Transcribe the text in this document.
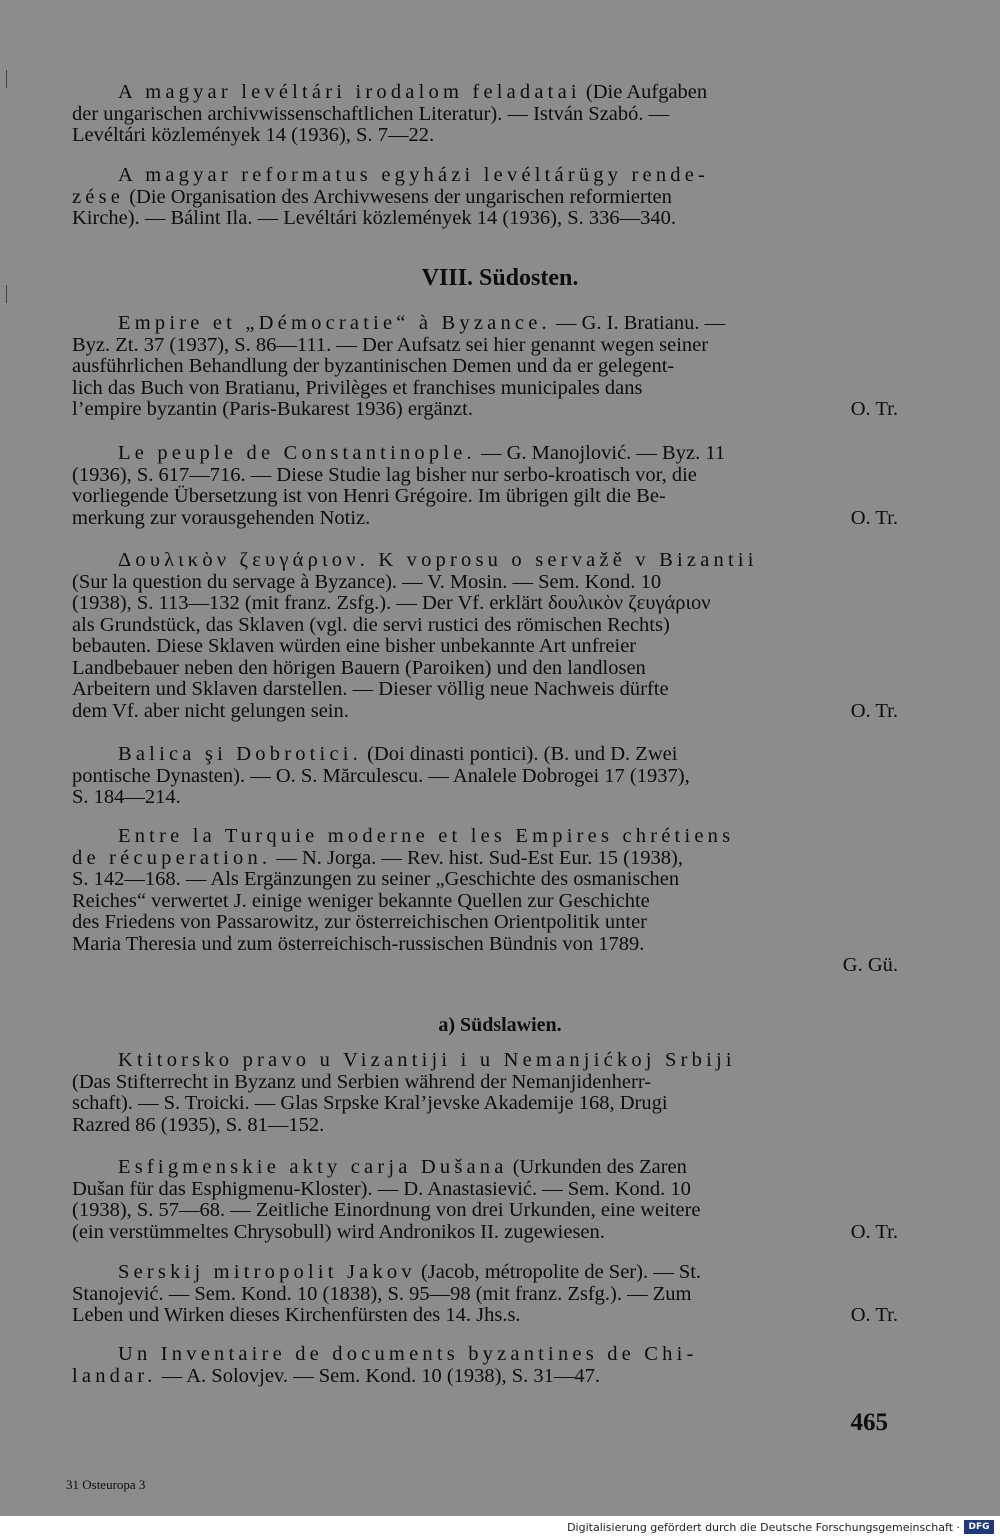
A magyar levéltári irodalom feladatai (Die Aufgaben
der ungarischen archivwissenschaftlichen Literatur). — István Szabó. —
Levéltári közlemények 14 (1936), S. 7—22.

A magyar reformatus egyházi levéltárügy rende-
zése (Die Organisation des Archivwesens der ungarischen reformierten
Kirche). — Bálint Ila. — Levéltári közlemények 14 (1936), S. 336—340.

VIII. Südosten.

Empire et „Démocratie“ à Byzance. — G. I. Bratianu. —
Byz. Zt. 37 (1937), S. 86—111. — Der Aufsatz sei hier genannt wegen seiner
ausführlichen Behandlung der byzantinischen Demen und da er gelegent-
lich das Buch von Bratianu, Privilèges et franchises municipales dans
l’empire byzantin (Paris-Bukarest 1936) ergänzt.	O. Tr.

Le peuple de Constantinople. — G. Manojlović. — Byz. 11
(1936), S. 617—716. — Diese Studie lag bisher nur serbo-kroatisch vor, die
vorliegende Übersetzung ist von Henri Grégoire. Im übrigen gilt die Be-
merkung zur vorausgehenden Notiz.	O. Tr.

Δουλικὸν ζευγάριον. K voprosu o servažě v Bizantii
(Sur la question du servage à Byzance). — V. Mosin. — Sem. Kond. 10
(1938), S. 113—132 (mit franz. Zsfg.). — Der Vf. erklärt δουλικὸν ζευγάριον
als Grundstück, das Sklaven (vgl. die servi rustici des römischen Rechts)
bebauten. Diese Sklaven würden eine bisher unbekannte Art unfreier
Landbebauer neben den hörigen Bauern (Paroiken) und den landlosen
Arbeitern und Sklaven darstellen. — Dieser völlig neue Nachweis dürfte
dem Vf. aber nicht gelungen sein.	O. Tr.

Balica şi Dobrotici. (Doi dinasti pontici). (B. und D. Zwei
pontische Dynasten). — O. S. Mărculescu. — Analele Dobrogei 17 (1937),
S. 184—214.

Entre la Turquie moderne et les Empires chrétiens
de récuperation. — N. Jorga. — Rev. hist. Sud-Est Eur. 15 (1938),
S. 142—168. — Als Ergänzungen zu seiner „Geschichte des osmanischen
Reiches“ verwertet J. einige weniger bekannte Quellen zur Geschichte
des Friedens von Passarowitz, zur österreichischen Orientpolitik unter
Maria Theresia und zum österreichisch-russischen Bündnis von 1789.
G. Gü.

a) Südslawien.

Ktitorsko pravo u Vizantiji i u Nemanjićkoj Srbiji
(Das Stifterrecht in Byzanz und Serbien während der Nemanjidenherr-
schaft). — S. Troicki. — Glas Srpske Kral’jevske Akademije 168, Drugi
Razred 86 (1935), S. 81—152.

Esfigmenskie akty carja Dušana (Urkunden des Zaren
Dušan für das Esphigmenu-Kloster). — D. Anastasiević. — Sem. Kond. 10
(1938), S. 57—68. — Zeitliche Einordnung von drei Urkunden, eine weitere
(ein verstümmeltes Chrysobull) wird Andronikos II. zugewiesen.	O. Tr.

Serskij mitropolit Jakov (Jacob, métropolite de Ser). — St.
Stanojević. — Sem. Kond. 10 (1838), S. 95—98 (mit franz. Zsfg.). — Zum
Leben und Wirken dieses Kirchenfürsten des 14. Jhs.s.	O. Tr.

Un Inventaire de documents byzantines de Chi-
landar. — A. Solovjev. — Sem. Kond. 10 (1938), S. 31—47.

465
31 Osteuropa 3
Digitalisierung gefördert durch die Deutsche Forschungsgemeinschaft · DFG
